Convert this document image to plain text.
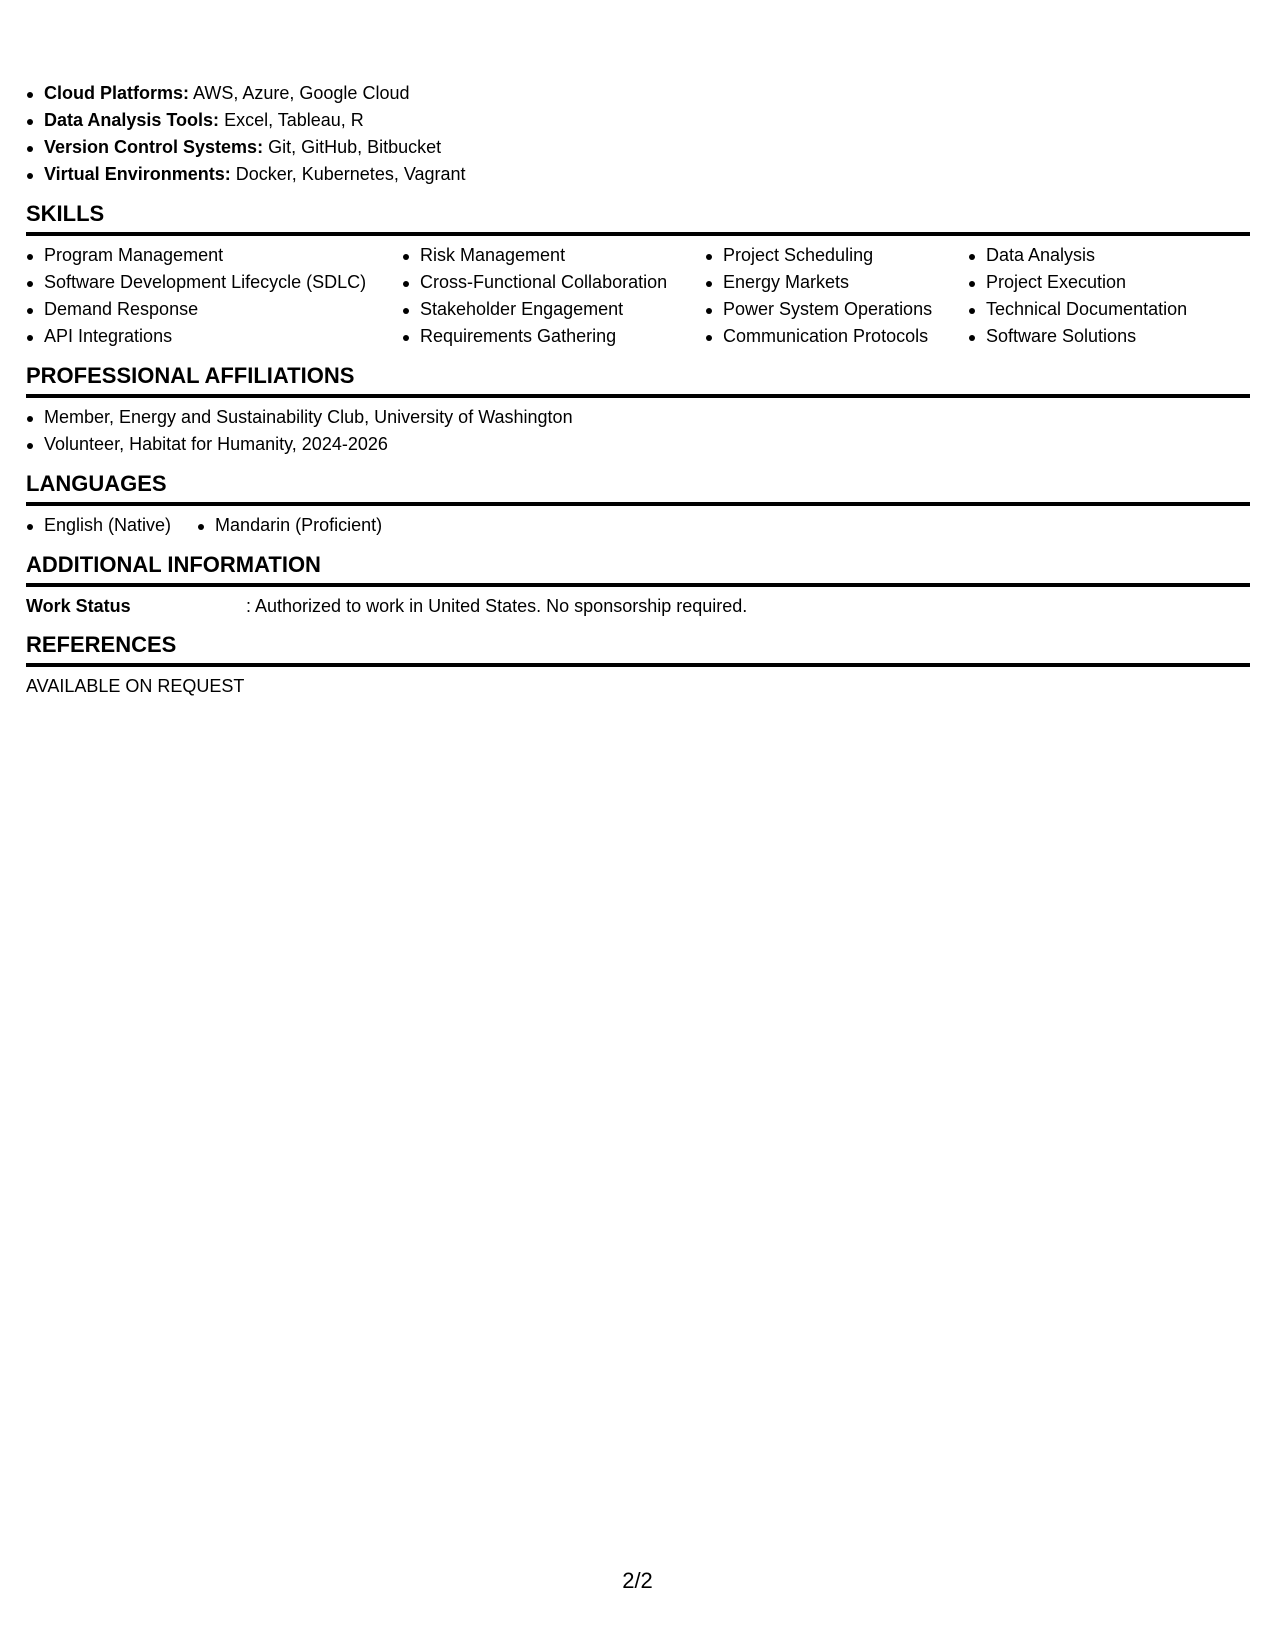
Cloud Platforms: AWS, Azure, Google Cloud
Data Analysis Tools: Excel, Tableau, R
Version Control Systems: Git, GitHub, Bitbucket
Virtual Environments: Docker, Kubernetes, Vagrant
SKILLS
Program Management
Software Development Lifecycle (SDLC)
Demand Response
API Integrations
Risk Management
Cross-Functional Collaboration
Stakeholder Engagement
Requirements Gathering
Project Scheduling
Energy Markets
Power System Operations
Communication Protocols
Data Analysis
Project Execution
Technical Documentation
Software Solutions
PROFESSIONAL AFFILIATIONS
Member, Energy and Sustainability Club, University of Washington
Volunteer, Habitat for Humanity, 2024-2026
LANGUAGES
English (Native)	Mandarin (Proficient)
ADDITIONAL INFORMATION
Work Status	: Authorized to work in United States. No sponsorship required.
REFERENCES
AVAILABLE ON REQUEST
2/2
